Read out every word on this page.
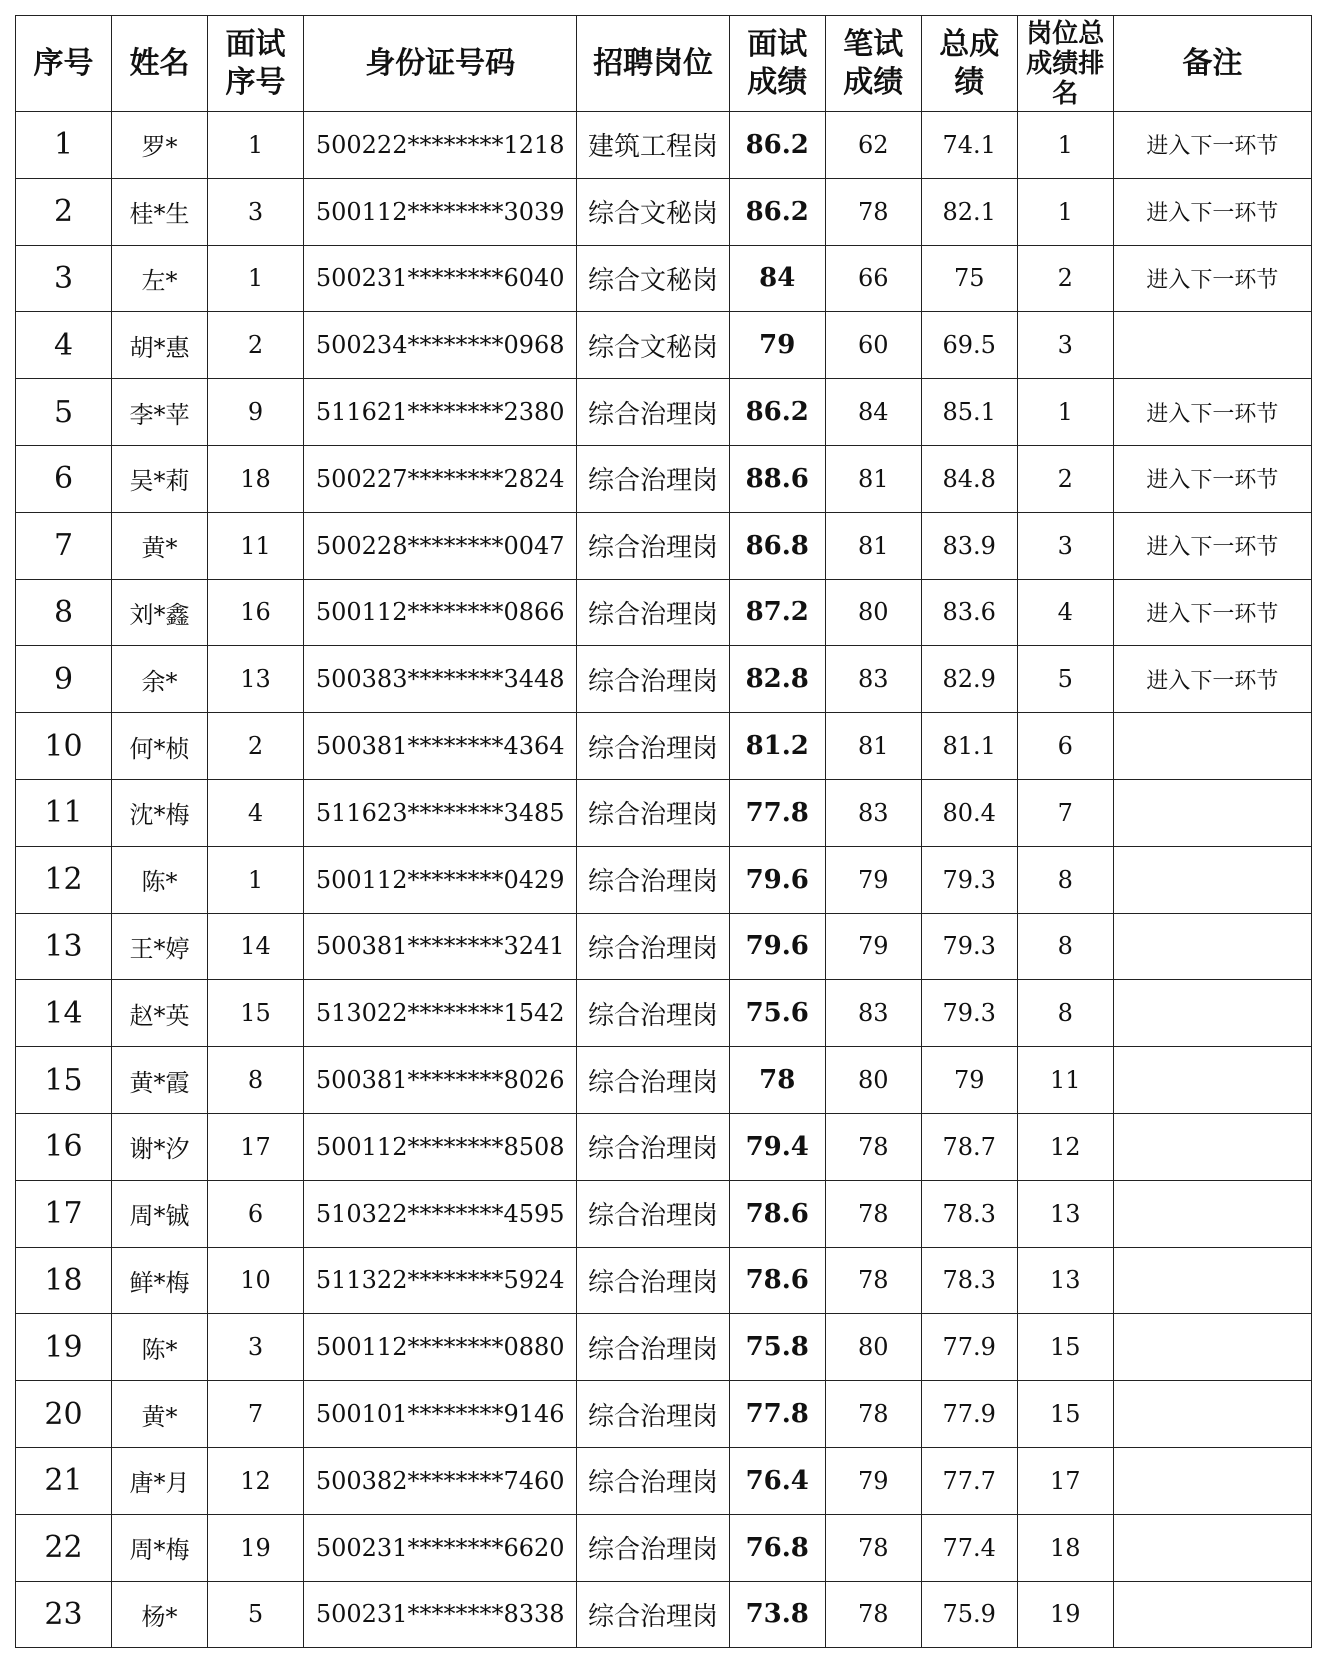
序号	姓名	面试序号	身份证号码	招聘岗位	面试成绩	笔试成绩	总成绩	岗位总成绩排名	备注
1	罗*	1	500222********1218	建筑工程岗	86.2	62	74.1	1	进入下一环节
2	桂*生	3	500112********3039	综合文秘岗	86.2	78	82.1	1	进入下一环节
3	左*	1	500231********6040	综合文秘岗	84	66	75	2	进入下一环节
4	胡*惠	2	500234********0968	综合文秘岗	79	60	69.5	3	
5	李*苹	9	511621********2380	综合治理岗	86.2	84	85.1	1	进入下一环节
6	吴*莉	18	500227********2824	综合治理岗	88.6	81	84.8	2	进入下一环节
7	黄*	11	500228********0047	综合治理岗	86.8	81	83.9	3	进入下一环节
8	刘*鑫	16	500112********0866	综合治理岗	87.2	80	83.6	4	进入下一环节
9	余*	13	500383********3448	综合治理岗	82.8	83	82.9	5	进入下一环节
10	何*桢	2	500381********4364	综合治理岗	81.2	81	81.1	6	
11	沈*梅	4	511623********3485	综合治理岗	77.8	83	80.4	7	
12	陈*	1	500112********0429	综合治理岗	79.6	79	79.3	8	
13	王*婷	14	500381********3241	综合治理岗	79.6	79	79.3	8	
14	赵*英	15	513022********1542	综合治理岗	75.6	83	79.3	8	
15	黄*霞	8	500381********8026	综合治理岗	78	80	79	11	
16	谢*汐	17	500112********8508	综合治理岗	79.4	78	78.7	12	
17	周*铖	6	510322********4595	综合治理岗	78.6	78	78.3	13	
18	鲜*梅	10	511322********5924	综合治理岗	78.6	78	78.3	13	
19	陈*	3	500112********0880	综合治理岗	75.8	80	77.9	15	
20	黄*	7	500101********9146	综合治理岗	77.8	78	77.9	15	
21	唐*月	12	500382********7460	综合治理岗	76.4	79	77.7	17	
22	周*梅	19	500231********6620	综合治理岗	76.8	78	77.4	18	
23	杨*	5	500231********8338	综合治理岗	73.8	78	75.9	19	
